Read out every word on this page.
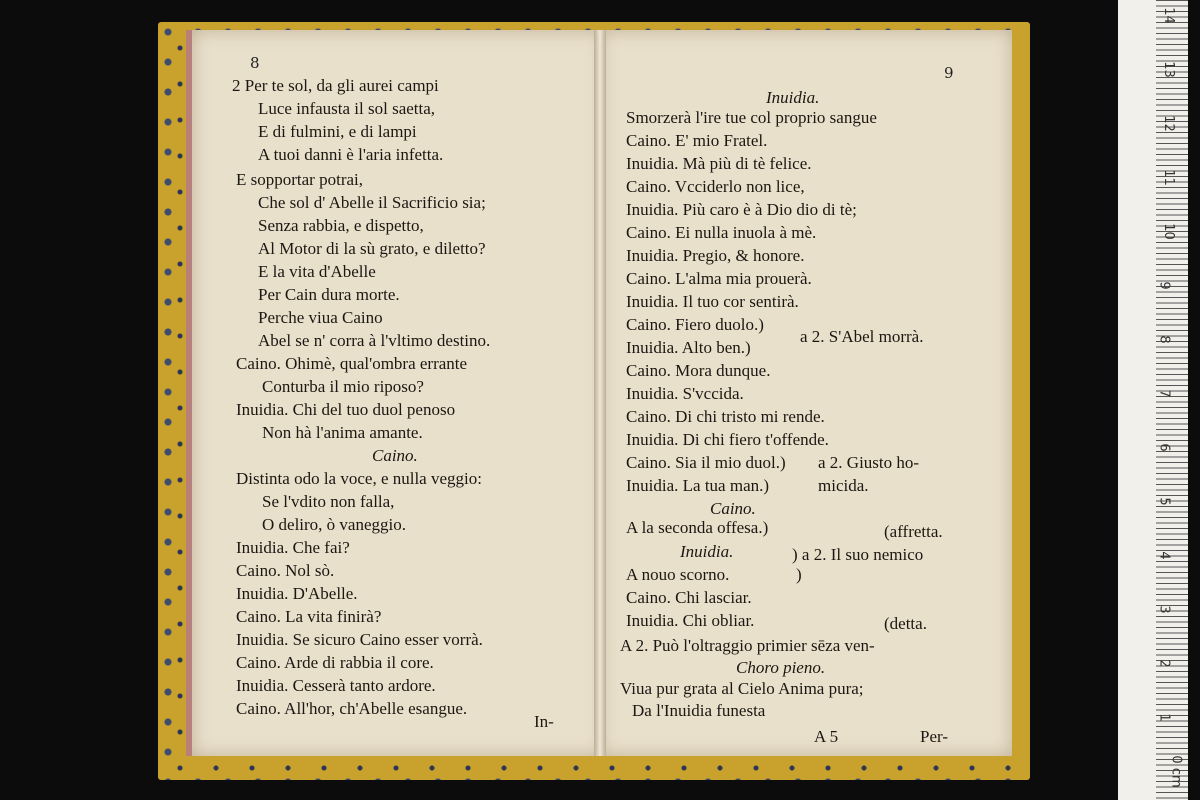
8
2 Per te sol, da gli aurei campi
Luce infausta il sol saetta,
E di fulmini, e di lampi
A tuoi danni è l'aria infetta.
E sopportar potrai,
Che sol d' Abelle il Sacrificio sia;
Senza rabbia, e dispetto,
Al Motor di la sù grato, e diletto?
E la vita d'Abelle
Per Cain dura morte.
Perche viua Caino
Abel se n' corra à l'vltimo destino.
Caino. Ohimè, qual'ombra errante
Conturba il mio riposo?
Inuidia. Chi del tuo duol penoso
Non hà l'anima amante.
Caino.
Distinta odo la voce, e nulla veggio:
Se l'vdito non falla,
O deliro, ò vaneggio.
Inuidia. Che fai?
Caino. Nol sò.
Inuidia. D'Abelle.
Caino. La vita finirà?
Inuidia. Se sicuro Caino esser vorrà.
Caino. Arde di rabbia il core.
Inuidia. Cesserà tanto ardore.
Caino. All'hor, ch'Abelle esangue.
In-
9
Inuidia.
Smorzerà l'ire tue col proprio sangue
Caino. E' mio Fratel.
Inuidia. Mà più di tè felice.
Caino. Vcciderlo non lice,
Inuidia. Più caro è à Dio dio di tè;
Caino. Ei nulla inuola à mè.
Inuidia. Pregio, & honore.
Caino. L'alma mia prouerà.
Inuidia. Il tuo cor sentirà.
Caino. Fiero duolo.)
a 2. S'Abel morrà.
Inuidia. Alto ben.)
Caino. Mora dunque.
Inuidia. S'vccida.
Caino. Di chi tristo mi rende.
Inuidia. Di chi fiero t'offende.
Caino. Sia il mio duol.) a 2. Giusto ho-
Inuidia. La tua man.)	micida.
Caino.
A la seconda offesa.)	(affretta.
Inuidia.	) a 2. Il suo nemico
A nouo scorno.	)
Caino. Chi lasciar.
Inuidia. Chi obliar.	(detta.
A 2. Può l'oltraggio primier sēza ven-
Choro pieno.
Viua pur grata al Cielo Anima pura;
Da l'Inuidia funesta
A 5	Per-
14
13
12
11
10
9
8
7
6
5
4
3
2
1
0 cm
